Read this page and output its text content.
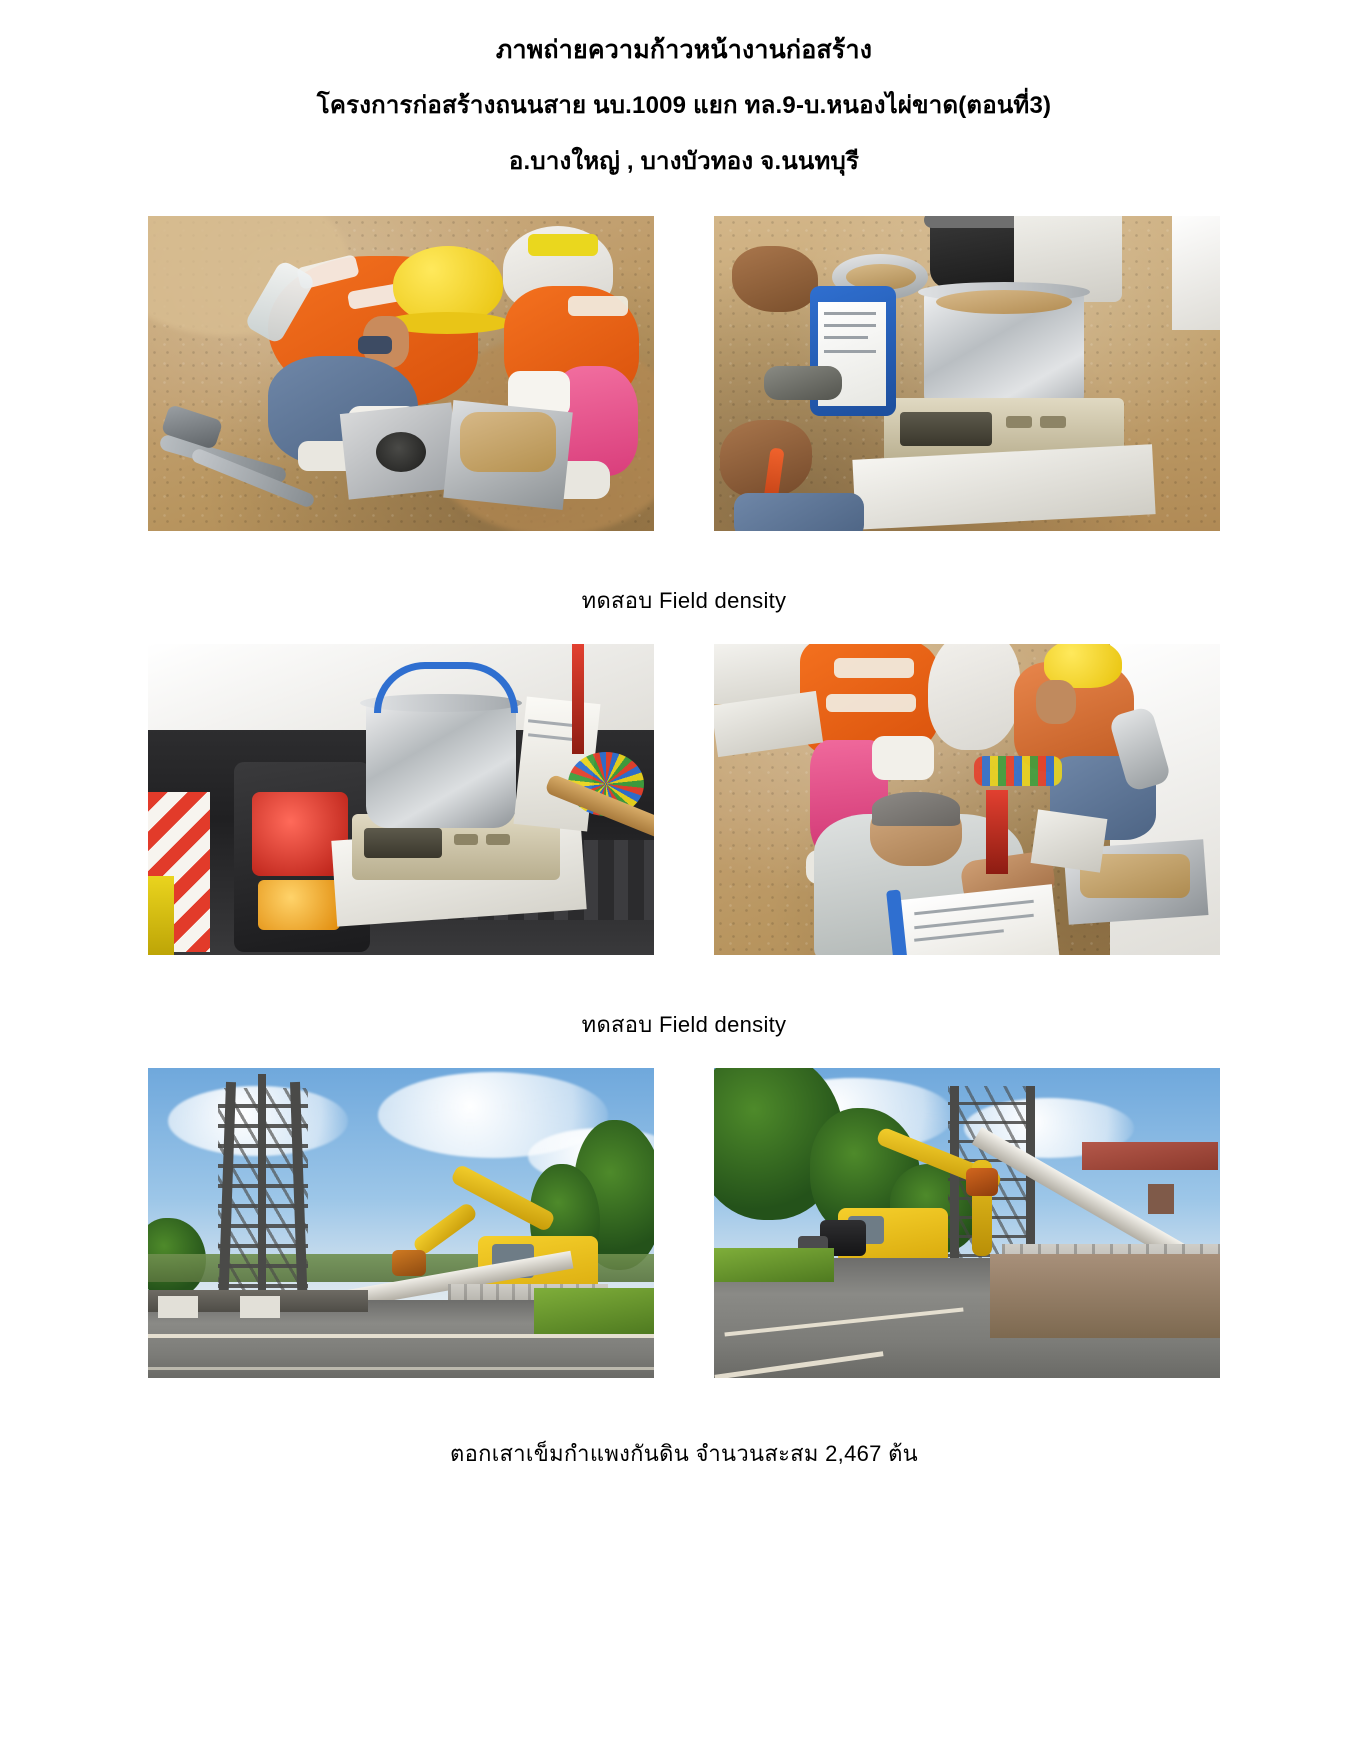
ภาพถ่ายความก้าวหน้างานก่อสร้าง
โครงการก่อสร้างถนนสาย นบ.1009 แยก ทล.9-บ.หนองไผ่ขาด(ตอนที่3)
อ.บางใหญ่ , บางบัวทอง จ.นนทบุรี
ทดสอบ Field density
ทดสอบ Field density
ตอกเสาเข็มกำแพงกันดิน จำนวนสะสม 2,467 ต้น
